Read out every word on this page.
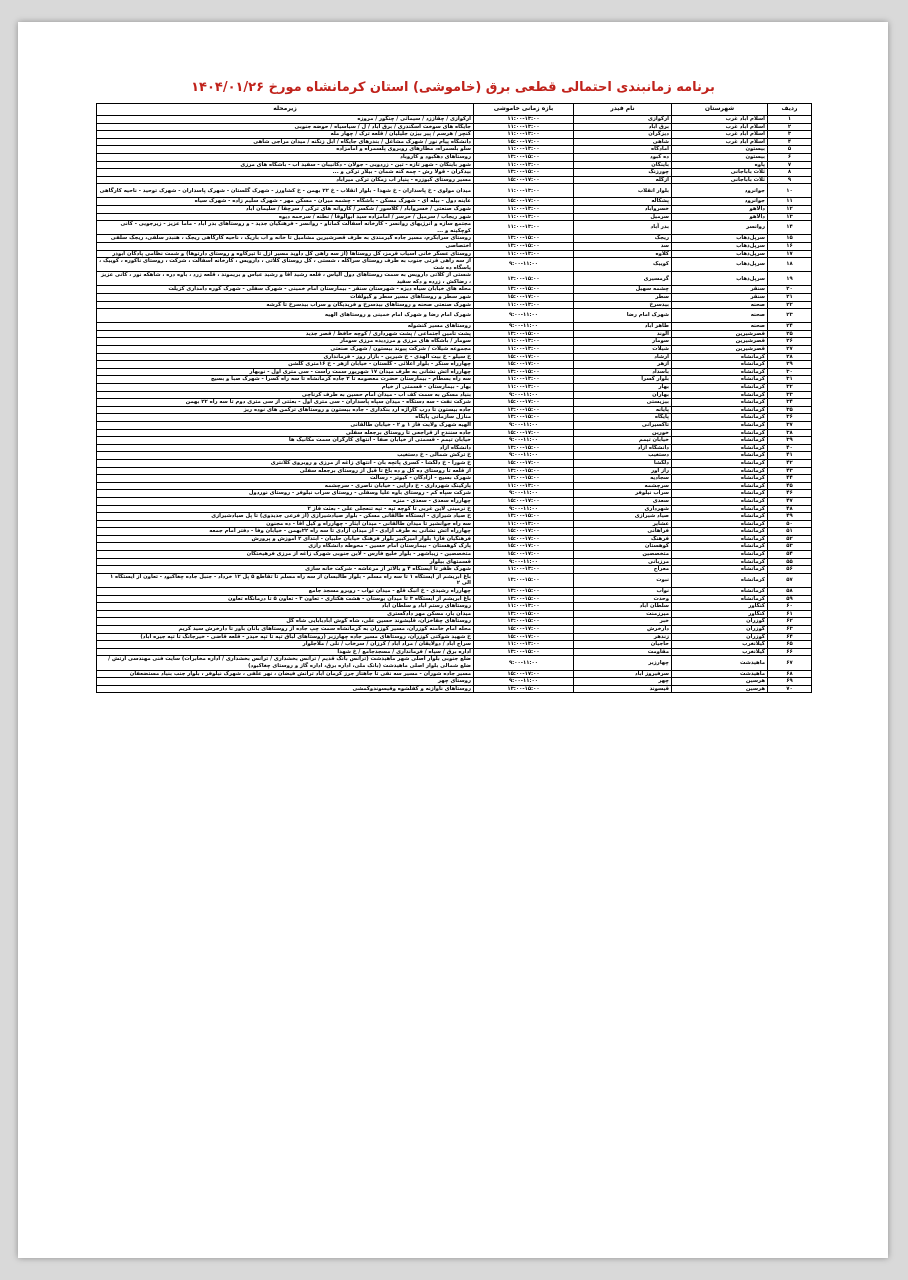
برنامه زمانبندی احتمالی قطعی برق (خاموشی) استان کرمانشاه مورخ ۱۴۰۴/۰۱/۲۶
ردیف	شهرستان	نام فیدر	بازه زمانی خاموشی	زیرمحله
۱	اسلام آباد غرب	ارکوازی	۱۱:۰۰-۱۳:۰۰	ارکوازی / چقاززد / سیماثی / چنگور / مروزه
۲	اسلام آباد غرب	برق آباد	۱۱:۰۰-۱۳:۰۰	جایگاه های سوخت اسکندری / برق آباد / ل / سیاسیاه / حوضه جنوبی
۳	اسلام آباد غرب	دیزگران	۱۱:۰۰-۱۳:۰۰	کنچر / هرسم / پیر بیژن جلیلیان / قلعه ترک / چهار مله
۴	اسلام آباد غرب	شاهی	۱۵:۰۰-۱۷:۰۰	دانشگاه پیام نور / شهرک مشاغل / بندرهای جایگاه / ابل زنگنه / میدان مراجی شاهی
۵	بیستون	آمادگاه	۱۱:۰۰-۱۳:۰۰	سلو بلسمراه، مطارهای روبروی پلسمراه و امامزاده
۶	بیستون	ده کبود	۱۳:۰۰-۱۵:۰۰	روستاهای دهکبود و کاروباد
۷	پاوه	باینگان	۱۱:۰۰-۱۳:۰۰	شهر باینگان - شهر تازه - تین - زردویی - جولان - دکانیبان - سفید آب - باشگاه های مرزی
۸	ثلاث باباجانی	چورزنگ	۱۳:۰۰-۱۵:۰۰	بیدکران - قولا رش - چمه کنه شمان - بیلار ترکی و ...
۹	ثلاث باباجانی	ازگله	۱۵:۰۰-۱۷:۰۰	مسیر روستای کیوزره - پنیار آب زمکان ترکی میرآباد
۱۰	جوانرود	بلوار انقلاب	۱۱:۰۰-۱۳:۰۰	میدان مولوی - خ پاسداران - خ شهدا - بلوار انقلاب - خ ۲۲ بهمن - خ کشاورز - شهرک گلستان - شهرک پاسداران - شهرک توحید - ناحیه کارگاهی
۱۱	جوانرود	پشکاله	۱۵:۰۰-۱۷:۰۰	عاینه دول - بیله ای - شهرک مسکن - باشگاه - چشمه میران - مسکن مهر - شهرک سلیم زاده - شهرک سیاه
۱۲	دالاهو	خسروآباد	۱۱:۰۰-۱۳:۰۰	شهرک صنعتی / خسروآباد / کلاسور / شکسر / کاروانه های ترکی / سرچقا / سلیمان آباد
۱۳	دالاهو	سرمیل	۱۱:۰۰-۱۳:۰۰	شهر ریجاب / سرمیل / حرسر / امامزاده سید ابوالوفا / نطنه / سرحمه دیوه
۱۴	روانسر	بدر آباد	۱۱:۰۰-۱۳:۰۰	مجتمع سازه و انرژیهای روانسر - کارخانه آسفالت کماناو - روانسر - فرهنگیان جدید - و روستاهای بدر آباد - ماما عزیز - زیرجویی - کانی کوچکینه و ...
۱۵	سرپل‌ذهاب	ریجک	۱۳:۰۰-۱۵:۰۰	روستای سرابگرم، مسیر جاده گیرمندی به طرف قصرشیرین مشامیل تا خانه و آب باریک ، ناحیه کارگاهی ریجک ، هنبدر سلفی، ریجک سلفی
۱۶	سرپل‌ذهاب	سد	۱۳:۰۰-۱۵:۰۰	اختصاصی
۱۷	سرپل‌ذهاب	کلاوه	۱۱:۰۰-۱۳:۰۰	روستای عسگر خانی آسیاب قرمز، کل روستاها (از سه راهی کل داوید مسیر ازل تا تیرکاوه و روستای دارتوها) و شمت نظامی پادگان ابوذر
۱۸	سرپل‌ذهاب	کوییک	۹:۰۰-۱۱:۰۰	از سه راهی قرتی جنوب به طرف روستای سراکله ، شستی ، کل روستای کلاتی ، دارویس ، کارخانه آسفالت ، شرکت ، روستای ناکوره ، کوییک ، پاسگاه ده شت
۱۹	سرپل‌ذهاب	گرمسیری	۱۳:۰۰-۱۵:۰۰	شستی از کلاتی دارویس به سمت روستاهای دول الیاس ، قلعه رشید آقا و رشید عباس و بریموند ، قلعه زرد ، باوه دره ، شاهکه نور ، کانی عزیز ، رضاکش ، زرده و دکه سفید
۲۰	سنقر	چشمه سهیل	۱۳:۰۰-۱۵:۰۰	محله های خیابان سیاه دیزه - شهرستان سنقر - بیمارستان امام خمینی - شهرک سفلی - شهرک کوره دامداری کزیلت
۲۱	سنقر	سطر	۱۵:۰۰-۱۷:۰۰	شهر سطر و روستاهای مسیر سطر و گیولقات
۲۲	صحنه	بیدسرخ	۱۱:۰۰-۱۳:۰۰	شهرک صنعتی صحنه و روستاهای بیدسرخ و فریدیگان و سراب بیدسرخ تا گرشه
۲۳	صحنه	شهرک امام رضا	۹:۰۰-۱۱:۰۰	شهرک امام رضا و شهرک امام خمینی و روستاهای الهیه
۲۴	صحنه	طاهر آباد	۹:۰۰-۱۱:۰۰	روستاهای مسیر کنشوله
۲۵	قصرشیرین	الوند	۱۳:۰۰-۱۵:۰۰	پشت تامین اجتماعی / پشت شهرداری / کوچه حافظ / قصر جدید
۲۶	قصرشیرین	سومار	۱۱:۰۰-۱۳:۰۰	سومار / باشگاه های مرزی و مرزدیده مرزی سومار
۲۷	قصرشیرین	شیلات	۱۱:۰۰-۱۳:۰۰	مجموعه شیلات / شرکت پیوند بیستون / شهرک صنعتی
۲۸	کرمانشاه	ارشاد	۱۵:۰۰-۱۷:۰۰	خ سیلو - خ بیت الهدی - خ شیرین - بازار روز - فرمانداری
۲۹	کرمانشاه	ازهر	۱۵:۰۰-۱۷:۰۰	چهارراه سنگر - بلوار اعلائی - گلستان - خیابان ازهر - خ ۱۶متری گلشن
۳۰	کرمانشاه	باسداد	۱۳:۰۰-۱۵:۰۰	چهارراه آتش نشانی به طرف میدان ۱۷ شهریور سمت راست - سی متری اول - نوبهار
۳۱	کرمانشاه	بلوار کسرا	۱۱:۰۰-۱۳:۰۰	سه راه بسطام - بیمارستان حضرت معصومه تا ۲ جاده کرمانشاه تا سه راه کسرا - شهرک صبا و بسیج
۳۲	کرمانشاه	بهار	۱۱:۰۰-۱۳:۰۰	بهار - بیمارستان - قسمتی از خیام
۳۳	کرمانشاه	بهاران	۹:۰۰-۱۱:۰۰	بنیاد مسکن به سمت کف آب - میدان امام حسین به طرف کرناچی
۳۴	کرمانشاه	بیزیستی	۱۵:۰۰-۱۷:۰۰	شرکت نفت - سه دستگاه - میدان سپاه پاسداران - سی متری اول - بعثتی از سی متری دوم تا سه راه ۲۲ بهمن
۳۵	کرمانشاه	پایانه	۱۳:۰۰-۱۵:۰۰	جاده بیستون تا درب گاراژه آرد بنکداری - جاده بیستون و روستاهای ترکمن های نوده ریز
۳۶	کرمانشاه	پایگاه	۱۳:۰۰-۱۵:۰۰	منازل سازمانی پایگاه
۳۷	کرمانشاه	تاکسیرانی	۹:۰۰-۱۱:۰۰	الهیه شهرک ولایت فاز ۱ و ۲ - خیابان طالقانی
۳۸	کرمانشاه	خورین	۱۵:۰۰-۱۷:۰۰	جاده سنندج از قراجعی تا روستای برجعله سفلی
۳۹	کرمانشاه	خیابان تیمم	۹:۰۰-۱۱:۰۰	خیابان تیمم - قسمتی از خیابان صفا - انتهای کارگران سمت مکانیک ها
۴۰	کرمانشاه	دانشگاه آزاد	۱۳:۰۰-۱۵:۰۰	دانشگاه آزاد
۴۱	کرمانشاه	دستغیب	۹:۰۰-۱۱:۰۰	خ ترکش شمالی - خ دستغیب
۴۲	کرمانشاه	دلگشا	۱۵:۰۰-۱۷:۰۰	خ شورا - خ دلگشا - کسری پاتچه بان - انتهای زاغه از مرزی و روبروی کلانتری
۴۳	کرمانشاه	راز آور	۱۳:۰۰-۱۵:۰۰	از قلعه تا روستای ده کل و ده باغ تا قبل از روستای برجعله سفلی
۴۴	کرمانشاه	سجادیه	۱۳:۰۰-۱۵:۰۰	شهرک بسیج - آزادگان - کیوتر - رسالت
۴۵	کرمانشاه	سرچشمه	۱۱:۰۰-۱۳:۰۰	پارکینگ شهرداری - خ دارایی - خیابان ناصری - سرچشمه
۴۶	کرمانشاه	سراب نیلوفر	۹:۰۰-۱۱:۰۰	شرکت سپاه کم - روستای باوه علیا وسفلی - روستای سراب نیلوفر - روستای نوردول
۴۷	کرمانشاه	سعدی	۱۵:۰۰-۱۷:۰۰	چهارراه سعدی - سعدی - منزه
۴۸	کرمانشاه	شهرداری	۹:۰۰-۱۱:۰۰	خ نرمینی لاین غربی تا کوچه تپه - تپه تنعجلی علی - بعثت فاز ۲
۴۹	کرمانشاه	صیاد شیرازی	۱۳:۰۰-۱۵:۰۰	خ صیاد شیرازی - ایستگاه طالقانی مسکن - بلوار صیادشیرازی (از فرعی جدیدوی) تا پل صیادشیرازی
۵۰	کرمانشاه	عشایر	۱۱:۰۰-۱۳:۰۰	سه راه جوانشیر تا میدان طالقانی - میدان ایثار - چهارراه و کیل آقا - ده مجنون
۵۱	کرمانشاه	فراهانی	۱۵:۰۰-۱۷:۰۰	چهارراه آتش نشانی به طرف آزادی - از میدان آزادی تا سه راه ۲۲بهمن - خیابان وفا - دفتر امام جمعه
۵۲	کرمانشاه	فرهنگ	۱۵:۰۰-۱۷:۰۰	فرهنگیان فاز۱ بلوار امیرکبیر بلوار فرهنگ خیابان حلبیان - ابتدای ۲ آموزش و پرورش
۵۳	کرمانشاه	کوهستان	۱۵:۰۰-۱۷:۰۰	پارک کوهستان - بیمارستان امام حسین - محوطه دانشگاه رازی
۵۴	کرمانشاه	متخصصین	۱۵:۰۰-۱۷:۰۰	متخصصین - زیباشهر - بلوار خلیج فارس - لاین جنوبی شهرک زاغه از مرزی فرهیختگان
۵۵	کرمانشاه	مرزبانی	۹:۰۰-۱۱:۰۰	قسمتهای بیلوار
۵۶	کرمانشاه	معراج	۱۱:۰۰-۱۳:۰۰	شهرک ظفر تا ایستگاه ۴ و بالاتر از مرعاشه - شرکت خانه سازی
۵۷	کرمانشاه	نبوت	۱۳:۰۰-۱۵:۰۰	باغ ابریشم از ایستگاه ۱ تا سه راه مسلم - بلوار طالبسان از سه راه مسلم تا تقاطع ۵ پل ۱۲ خرداد - جنبل جاده چغاکبود - تعاون از ایستگاه ۱ الی ۲
۵۸	کرمانشاه	نواب	۱۳:۰۰-۱۵:۰۰	چهارراه رشیدی - خ انبک قلع - میدان نواب - روبرو مسجد جامع
۵۹	کرمانشاه	وحدت	۱۳:۰۰-۱۵:۰۰	باغ ابریشم از ایستگاه ۳ تا میدان بوستان - هشت هکتاری - تعاون ۳ - تعاون ۵ تا درمانگاه تعاون
۶۰	کنگاور	سلطان آباد	۱۱:۰۰-۱۳:۰۰	روستاهای رستم آباد و سلطان اباد
۶۱	کنگاور	میرزمنت	۱۳:۰۰-۱۵:۰۰	میدان بار، مسکن مهر دادگستری
۶۲	گوزران	خبر	۱۳:۰۰-۱۵:۰۰	روستاهای چقاخزان، قلیشوند حسین علی، شاه گوش آبادبابایی شاه گل
۶۳	گوزران	دارخرش	۱۵:۰۰-۱۷:۰۰	محله امام خامنه کوزران، مسیر کوزران به کرمانشاه سمت چپ جاده از روستاهای بانان باور تا دارخرش سید کریم
۶۴	گوزران	زندهر	۱۵:۰۰-۱۷:۰۰	خ شهید شوکتی کوزران، روستاهای مسیر جاده چهارزبر (روستاهای لباق تپه تا تپه حیدر - قلعه قاضی - خیرجانگ تا تپه جیره آباد)
۶۵	گیلانغرب	حاجیان	۱۱:۰۰-۱۳:۰۰	سراج آباد / دولایقان / مراد آباد / کرزان / سرخاب / نلی / ملاجلوار
۶۶	گیلانغرب	مقاومت	۱۳:۰۰-۱۵:۰۰	اداره برق / سپاه / فرمانداری / مسجدجامع / خ شهدا
۶۷	ماهیدشت	چهارزبر	۹:۰۰-۱۱:۰۰	ضلع جنوبی بلوار اصلی شهر ماهیدشت (ترانس بانک قدیم / ترانس بخشداری / ترانس بخشداری / اداره مخابرات) سایت فنی مهندسی ارتش / ضلع شمالی بلوار اصلی ماهیدشت (بانک ملی، اداره برق، اداره گاز و روستای چغاکبود)
۶۸	ماهیدشت	سرفیروز آباد	۱۵:۰۰-۱۷:۰۰	مسیر جاده شوران - مسیر سه نفی تا جاهتاز جرز کرمان آباد ترانش فیضان ، نهر علفی ، شهرک نیلوفر ، بلوار جنب بنیاد مستضعفان
۶۹	هرسین	چهر	۹:۰۰-۱۱:۰۰	روستای چهر
۷۰	هرسین	قیسوند	۱۳:۰۰-۱۵:۰۰	روستاهای ناوازنه و کفلشوه وقیسوندوکمشی
